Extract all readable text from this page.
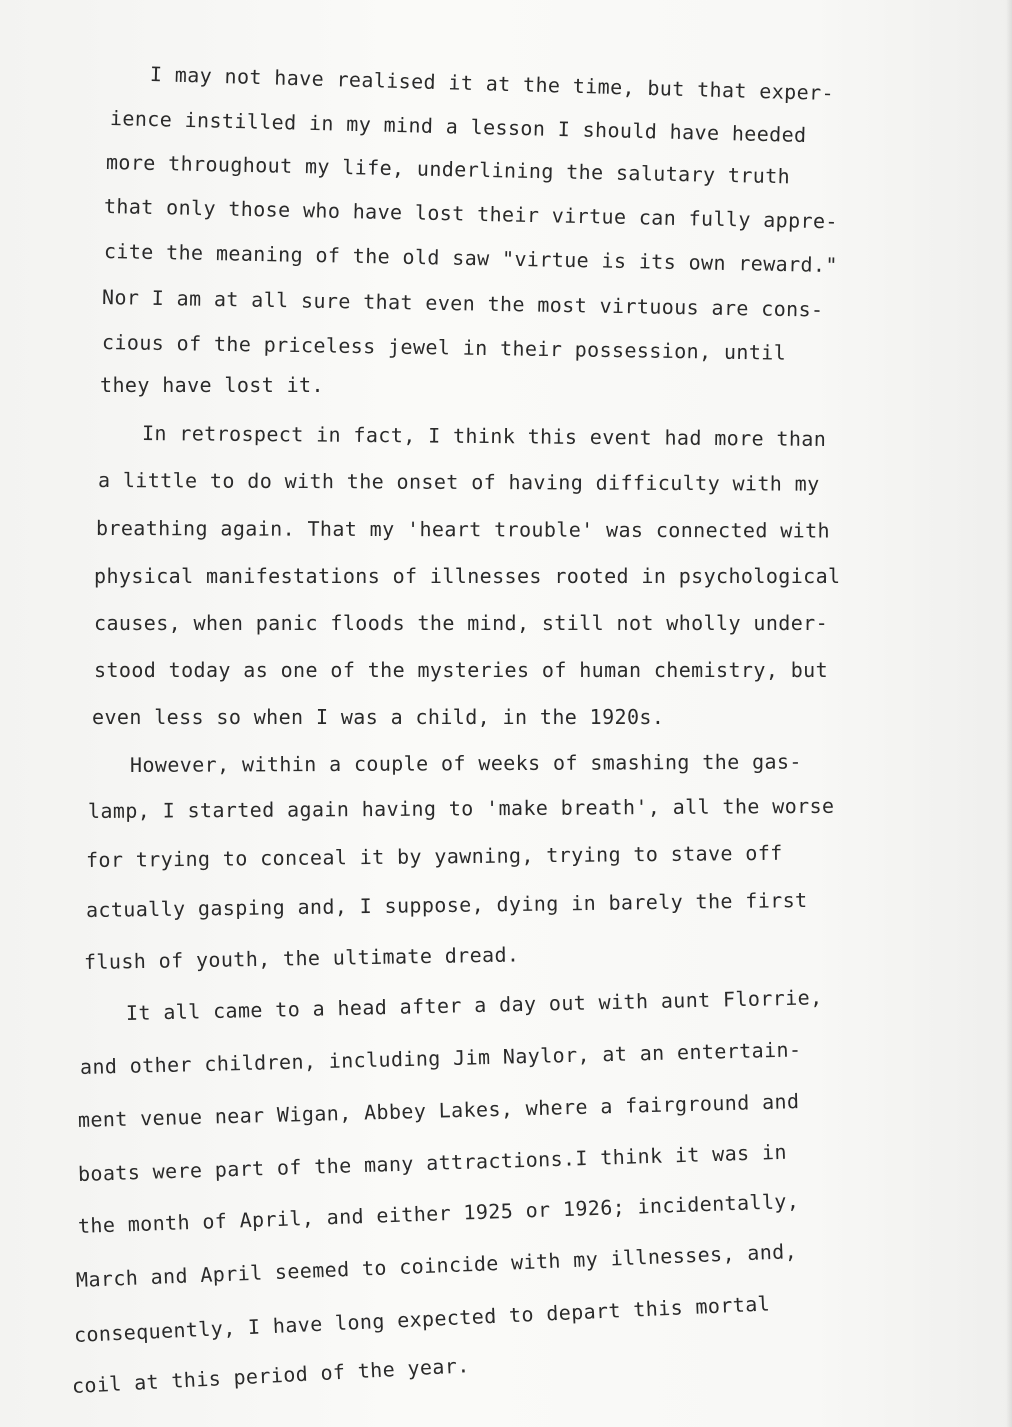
I may not have realised it at the time, but that exper-
ience instilled in my mind a lesson I should have heeded
more throughout my life, underlining the salutary truth
that only those who have lost their virtue can fully appre-
cite the meaning of the old saw "virtue is its own reward."
Nor I am at all sure that even the most virtuous are cons-
cious of the priceless jewel in their possession, until
they have lost it.
In retrospect in fact, I think this event had more than
a little to do with the onset of having difficulty with my
breathing again. That my 'heart trouble' was connected with
physical manifestations of illnesses rooted in psychological
causes, when panic floods the mind, still not wholly under-
stood today as one of the mysteries of human chemistry, but
even less so when I was a child, in the 1920s.
However, within a couple of weeks of smashing the gas-
lamp, I started again having to 'make breath', all the worse
for trying to conceal it by yawning, trying to stave off
actually gasping and, I suppose, dying in barely the first
flush of youth, the ultimate dread.
It all came to a head after a day out with aunt Florrie,
and other children, including Jim Naylor, at an entertain-
ment venue near Wigan, Abbey Lakes, where a fairground and
boats were part of the many attractions.I think it was in
the month of April, and either 1925 or 1926; incidentally,
March and April seemed to coincide with my illnesses, and,
consequently, I have long expected to depart this mortal
coil at this period of the year.
